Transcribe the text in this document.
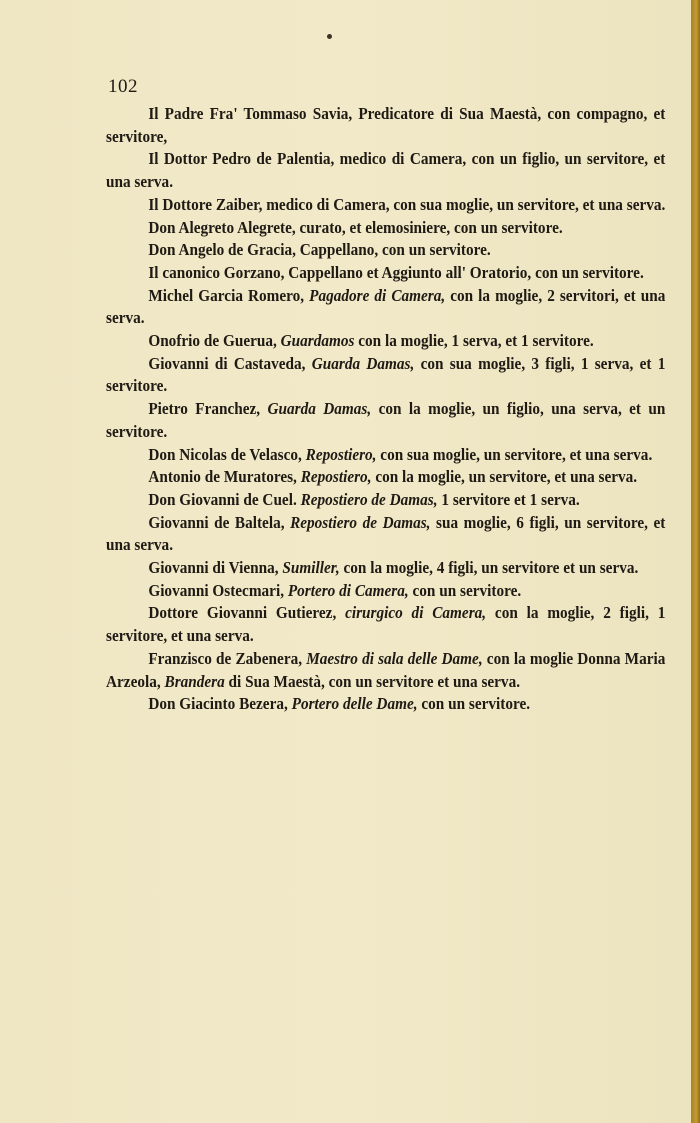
102

Il Padre Fra' Tommaso Savia, Predicatore di Sua Maestà, con compagno, et servitore,

Il Dottor Pedro de Palentia, medico di Camera, con un figlio, un servitore, et una serva.

Il Dottore Zaiber, medico di Camera, con sua moglie, un servitore, et una serva.

Don Alegreto Alegrete, curato, et elemosiniere, con un servitore.

Don Angelo de Gracia, Cappellano, con un servitore.

Il canonico Gorzano, Cappellano et Aggiunto all' Oratorio, con un servitore.

Michel Garcia Romero, Pagadore di Camera, con la moglie, 2 servitori, et una serva.

Onofrio de Guerua, Guardamos con la moglie, 1 serva, et 1 servitore.

Giovanni di Castaveda, Guarda Damas, con sua moglie, 3 figli, 1 serva, et 1 servitore.

Pietro Franchez, Guarda Damas, con la moglie, un figlio, una serva, et un servitore.

Don Nicolas de Velasco, Repostiero, con sua moglie, un servitore, et una serva.

Antonio de Muratores, Repostiero, con la moglie, un servitore, et una serva.

Don Giovanni de Cuel. Repostiero de Damas, 1 servitore et 1 serva.

Giovanni de Baltela, Repostiero de Damas, sua moglie, 6 figli, un servitore, et una serva.

Giovanni di Vienna, Sumiller, con la moglie, 4 figli, un servitore et un serva.

Giovanni Ostecmari, Portero di Camera, con un servitore.

Dottore Giovanni Gutierez, cirurgico di Camera, con la moglie, 2 figli, 1 servitore, et una serva.

Franzisco de Zabenera, Maestro di sala delle Dame, con la moglie Donna Maria Arzeola, Brandera di Sua Maestà, con un servitore et una serva.

Don Giacinto Bezera, Portero delle Dame, con un servitore.
